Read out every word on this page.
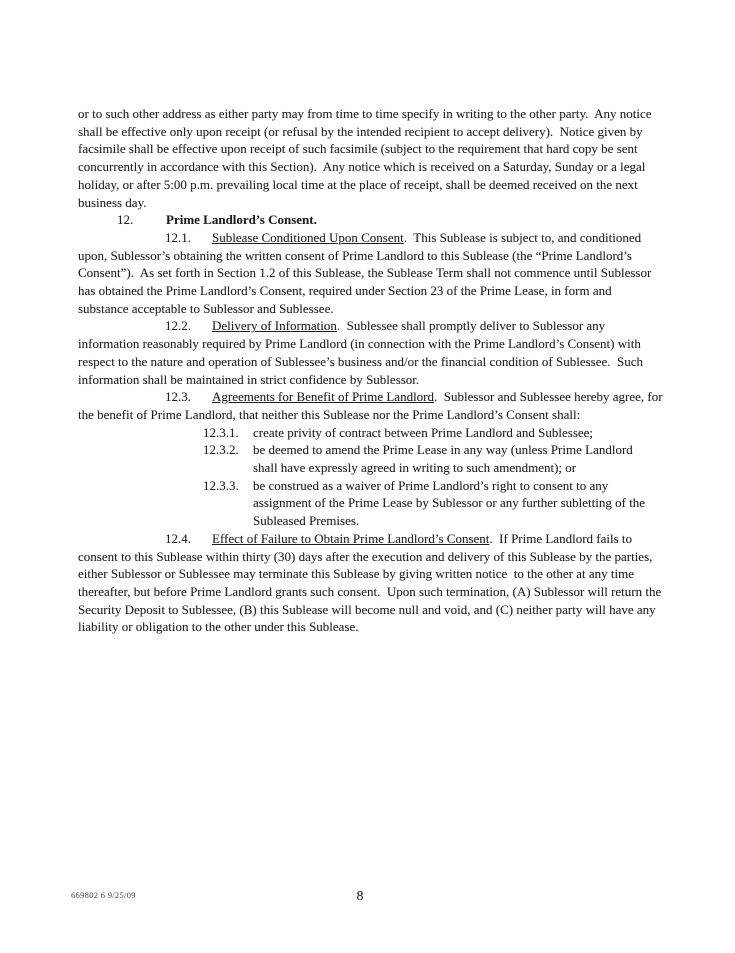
or to such other address as either party may from time to time specify in writing to the other party.  Any notice shall be effective only upon receipt (or refusal by the intended recipient to accept delivery).  Notice given by facsimile shall be effective upon receipt of such facsimile (subject to the requirement that hard copy be sent concurrently in accordance with this Section).  Any notice which is received on a Saturday, Sunday or a legal holiday, or after 5:00 p.m. prevailing local time at the place of receipt, shall be deemed received on the next business day.

12.	Prime Landlord’s Consent.

12.1. Sublease Conditioned Upon Consent.  This Sublease is subject to, and conditioned upon, Sublessor’s obtaining the written consent of Prime Landlord to this Sublease (the “Prime Landlord’s Consent”).  As set forth in Section 1.2 of this Sublease, the Sublease Term shall not commence until Sublessor has obtained the Prime Landlord’s Consent, required under Section 23 of the Prime Lease, in form and substance acceptable to Sublessor and Sublessee.

12.2. Delivery of Information.  Sublessee shall promptly deliver to Sublessor any information reasonably required by Prime Landlord (in connection with the Prime Landlord’s Consent) with respect to the nature and operation of Sublessee’s business and/or the financial condition of Sublessee.  Such information shall be maintained in strict confidence by Sublessor.

12.3. Agreements for Benefit of Prime Landlord.  Sublessor and Sublessee hereby agree, for the benefit of Prime Landlord, that neither this Sublease nor the Prime Landlord’s Consent shall:

12.3.1. create privity of contract between Prime Landlord and Sublessee;

12.3.2. be deemed to amend the Prime Lease in any way (unless Prime Landlord shall have expressly agreed in writing to such amendment); or

12.3.3. be construed as a waiver of Prime Landlord’s right to consent to any assignment of the Prime Lease by Sublessor or any further subletting of the Subleased Premises.

12.4. Effect of Failure to Obtain Prime Landlord’s Consent.  If Prime Landlord fails to consent to this Sublease within thirty (30) days after the execution and delivery of this Sublease by the parties, either Sublessor or Sublessee may terminate this Sublease by giving written notice  to the other at any time thereafter, but before Prime Landlord grants such consent.  Upon such termination, (A) Sublessor will return the Security Deposit to Sublessee, (B) this Sublease will become null and void, and (C) neither party will have any liability or obligation to the other under this Sublease.

669802 6 9/25/09	8
